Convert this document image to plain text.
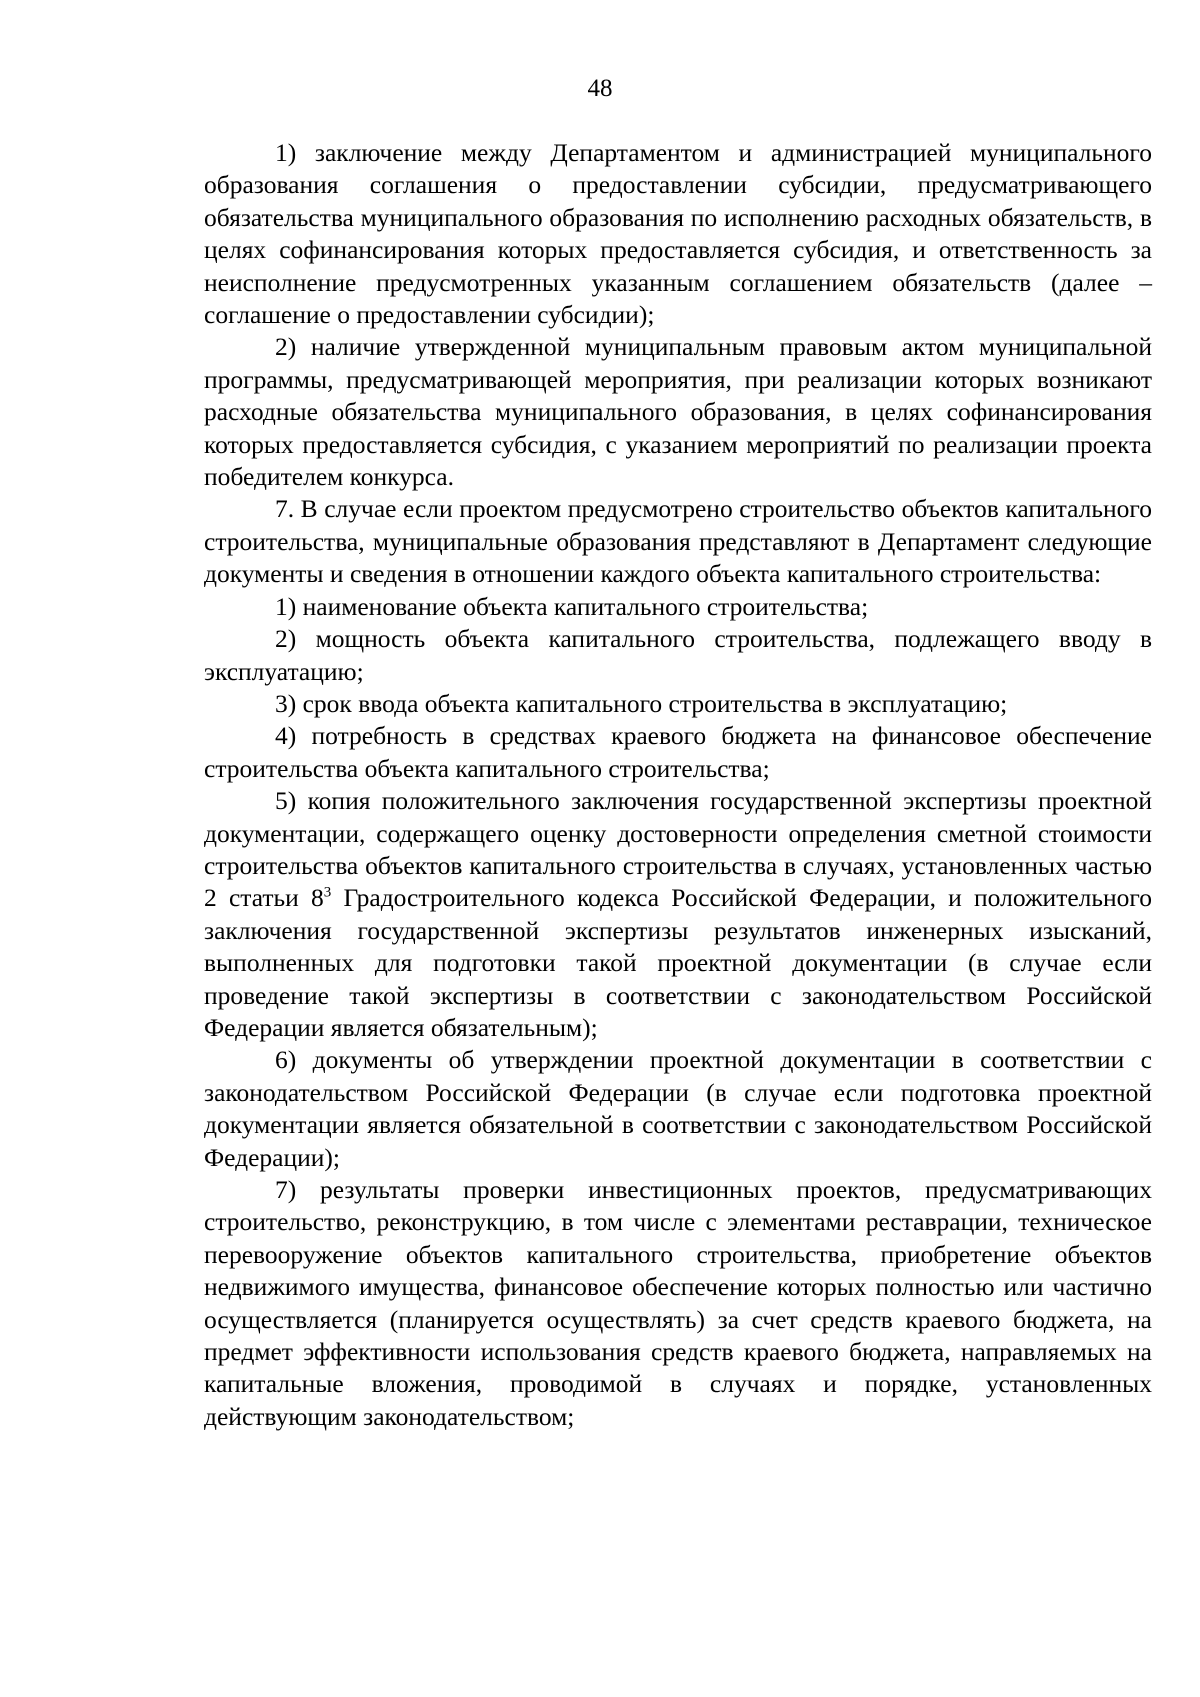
48

1) заключение между Департаментом и администрацией муниципального образования соглашения о предоставлении субсидии, предусматривающего обязательства муниципального образования по исполнению расходных обязательств, в целях софинансирования которых предоставляется субсидия, и ответственность за неисполнение предусмотренных указанным соглашением обязательств (далее – соглашение о предоставлении субсидии);

2) наличие утвержденной муниципальным правовым актом муниципальной программы, предусматривающей мероприятия, при реализации которых возникают расходные обязательства муниципального образования, в целях софинансирования которых предоставляется субсидия, с указанием мероприятий по реализации проекта победителем конкурса.

7. В случае если проектом предусмотрено строительство объектов капитального строительства, муниципальные образования представляют в Департамент следующие документы и сведения в отношении каждого объекта капитального строительства:

1) наименование объекта капитального строительства;

2) мощность объекта капитального строительства, подлежащего вводу в эксплуатацию;

3) срок ввода объекта капитального строительства в эксплуатацию;

4) потребность в средствах краевого бюджета на финансовое обеспечение строительства объекта капитального строительства;

5) копия положительного заключения государственной экспертизы проектной документации, содержащего оценку достоверности определения сметной стоимости строительства объектов капитального строительства в случаях, установленных частью 2 статьи $8^3$ Градостроительного кодекса Российской Федерации, и положительного заключения государственной экспертизы результатов инженерных изысканий, выполненных для подготовки такой проектной документации (в случае если проведение такой экспертизы в соответствии с законодательством Российской Федерации является обязательным);

6) документы об утверждении проектной документации в соответствии с законодательством Российской Федерации (в случае если подготовка проектной документации является обязательной в соответствии с законодательством Российской Федерации);

7) результаты проверки инвестиционных проектов, предусматривающих строительство, реконструкцию, в том числе с элементами реставрации, техническое перевооружение объектов капитального строительства, приобретение объектов недвижимого имущества, финансовое обеспечение которых полностью или частично осуществляется (планируется осуществлять) за счет средств краевого бюджета, на предмет эффективности использования средств краевого бюджета, направляемых на капитальные вложения, проводимой в случаях и порядке, установленных действующим законодательством;
